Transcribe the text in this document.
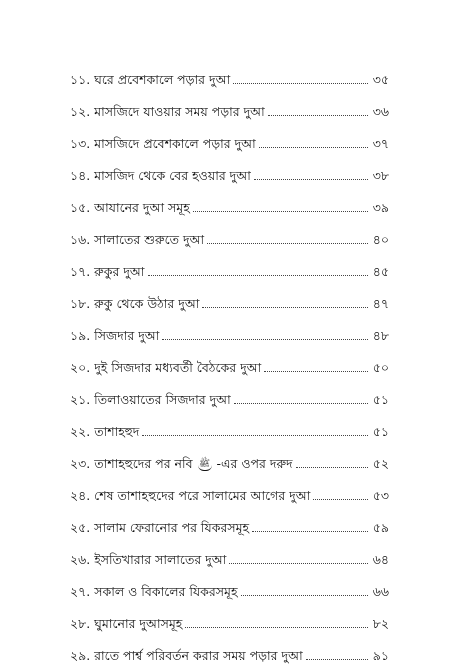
১১. ঘরে প্রবেশকালে পড়ার দুআ	৩৫
১২. মাসজিদে যাওয়ার সময় পড়ার দুআ	৩৬
১৩. মাসজিদে প্রবেশকালে পড়ার দুআ	৩৭
১৪. মাসজিদ থেকে বের হওয়ার দুআ	৩৮
১৫. আযানের দুআ সমূহ	৩৯
১৬. সালাতের শুরুতে দুআ	৪০
১৭. রুকুর দুআ	৪৫
১৮. রুকু থেকে উঠার দুআ	৪৭
১৯. সিজদার দুআ	৪৮
২০. দুই সিজদার মধ্যবর্তী বৈঠকের দুআ	৫০
২১. তিলাওয়াতের সিজদার দুআ	৫১
২২. তাশাহহুদ	৫১
২৩. তাশাহহুদের পর নবি ﷺ -এর ওপর দরুদ	৫২
২৪. শেষ তাশাহহুদের পরে সালামের আগের দুআ	৫৩
২৫. সালাম ফেরানোর পর যিকরসমূহ	৫৯
২৬. ইসতিখারার সালাতের দুআ	৬৪
২৭. সকাল ও বিকালের যিকরসমূহ	৬৬
২৮. ঘুমানোর দুআসমূহ	৮২
২৯. রাতে পার্শ্ব পরিবর্তন করার সময় পড়ার দুআ	৯১
